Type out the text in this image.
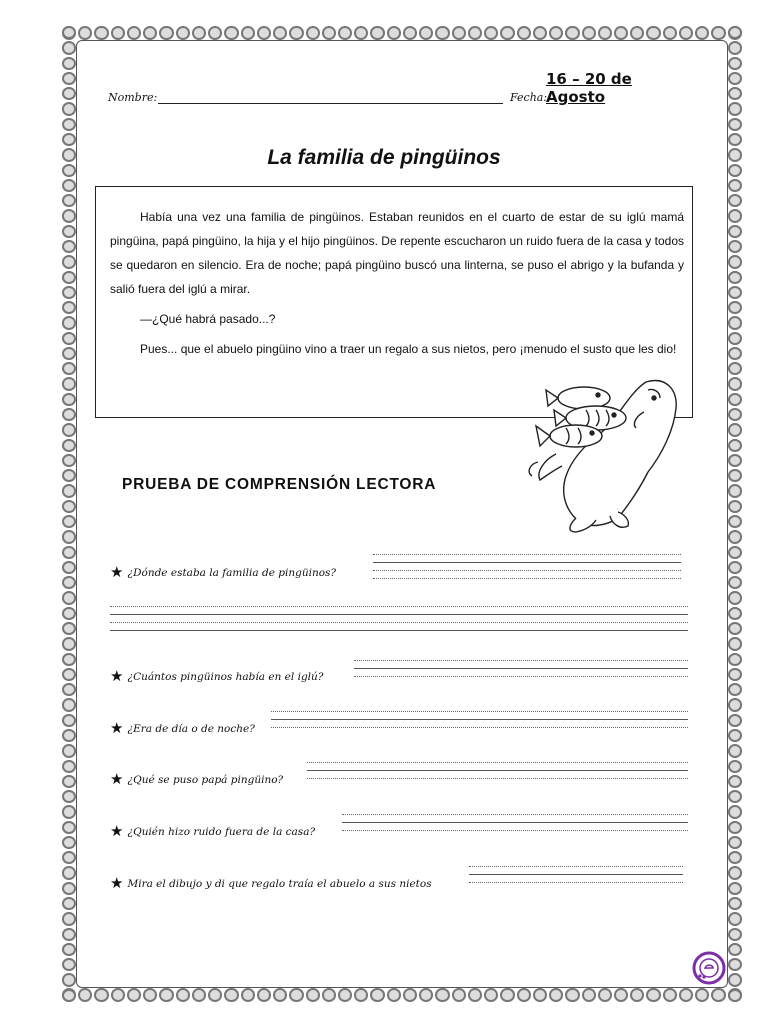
Nombre:	Fecha:
16 – 20 de Agosto
La familia de pingüinos

Había una vez una familia de pingüinos. Estaban reunidos en el cuarto de estar de su iglú mamá pingüina, papá pingüino, la hija y el hijo pingüinos. De repente escucharon un ruido fuera de la casa y todos se quedaron en silencio. Era de noche; papá pingüino buscó una linterna, se puso el abrigo y la bufanda y salió fuera del iglú a mirar.

—¿Qué habrá pasado...?

Pues... que el abuelo pingüino vino a traer un regalo a sus nietos, pero ¡menudo el susto que les dio!

PRUEBA DE COMPRENSIÓN LECTORA
★ ¿Dónde estaba la familia de pingüinos?
★ ¿Cuántos pingüinos había en el iglú?
★ ¿Era de día o de noche?
★ ¿Qué se puso papá pingüino?
★ ¿Quién hizo ruido fuera de la casa?
★ Mira el dibujo y di que regalo traía el abuelo a sus nietos
